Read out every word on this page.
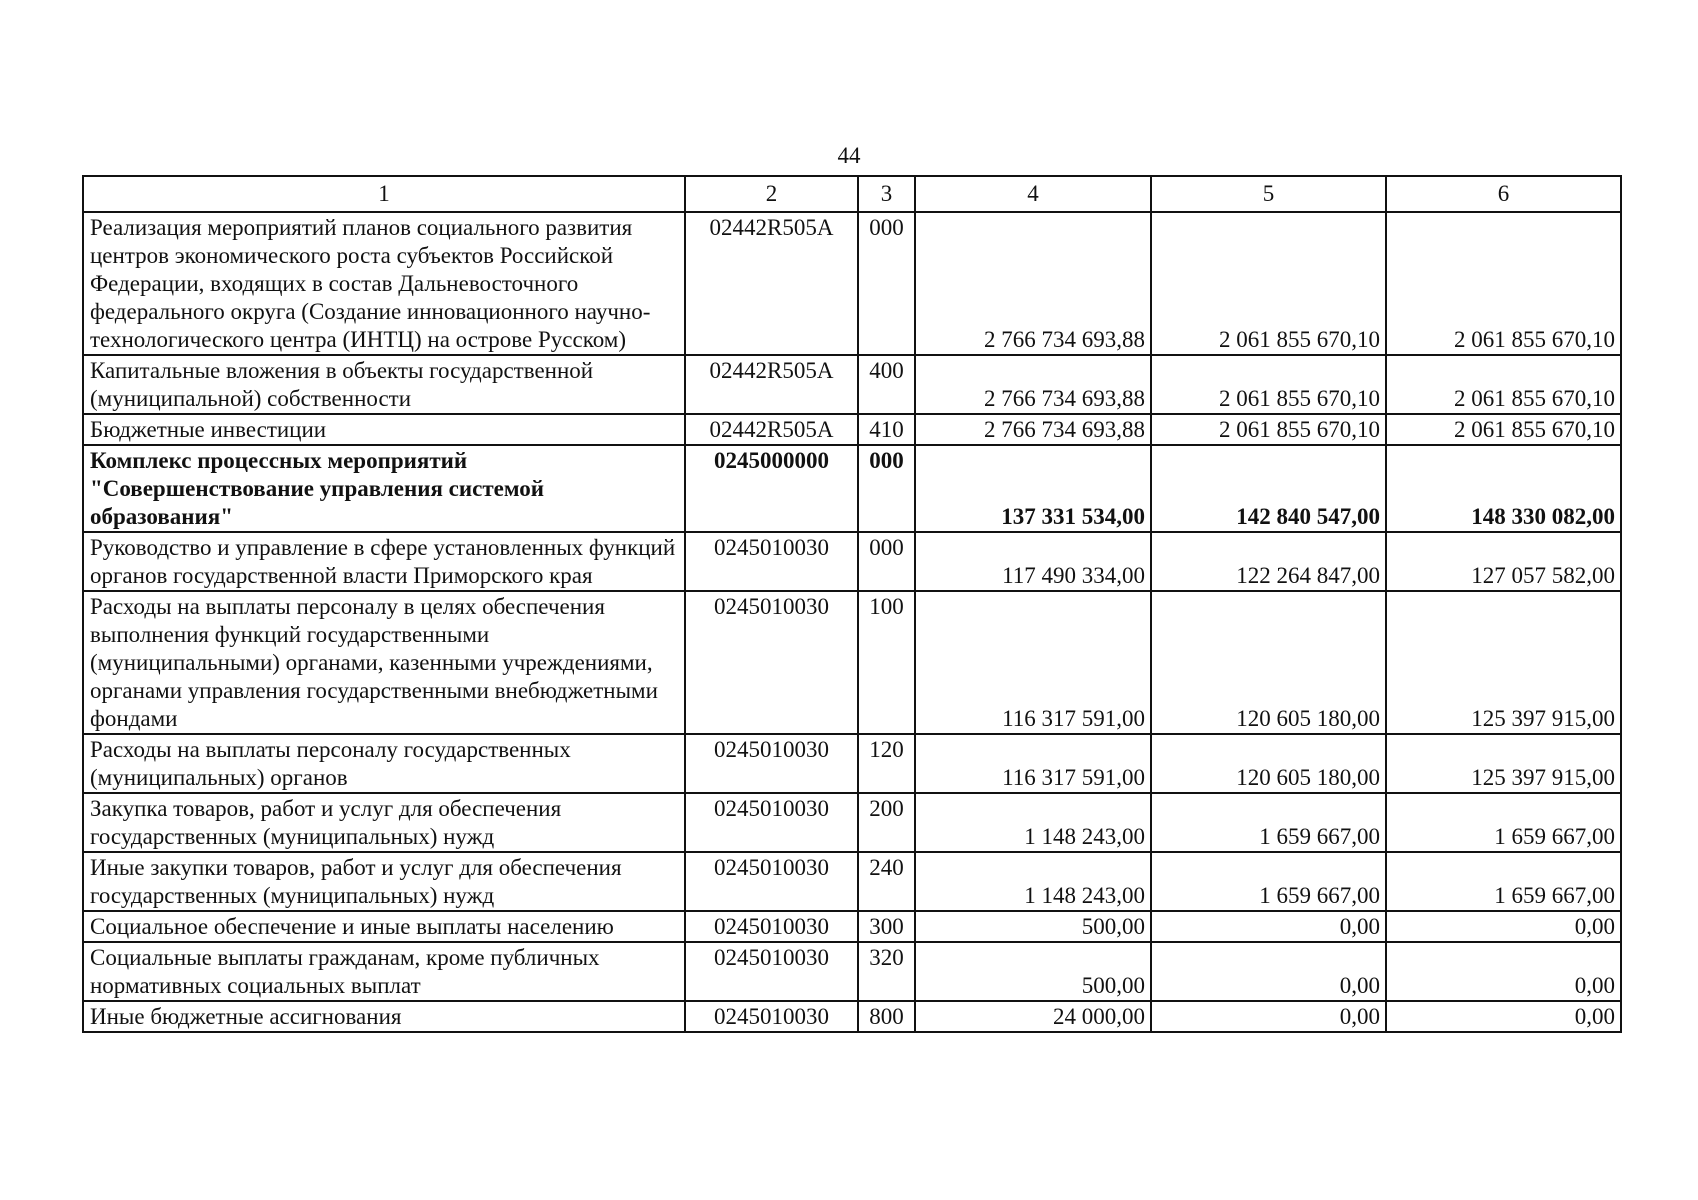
44
1	2	3	4	5	6
Реализация мероприятий планов социального развития центров экономического роста субъектов Российской Федерации, входящих в состав Дальневосточного федерального округа (Создание инновационного научно-технологического центра (ИНТЦ) на острове Русском)	02442R505A	000	2 766 734 693,88	2 061 855 670,10	2 061 855 670,10
Капитальные вложения в объекты государственной (муниципальной) собственности	02442R505A	400	2 766 734 693,88	2 061 855 670,10	2 061 855 670,10
Бюджетные инвестиции	02442R505A	410	2 766 734 693,88	2 061 855 670,10	2 061 855 670,10
Комплекс процессных мероприятий "Совершенствование управления системой образования"	0245000000	000	137 331 534,00	142 840 547,00	148 330 082,00
Руководство и управление в сфере установленных функций органов государственной власти Приморского края	0245010030	000	117 490 334,00	122 264 847,00	127 057 582,00
Расходы на выплаты персоналу в целях обеспечения выполнения функций государственными (муниципальными) органами, казенными учреждениями, органами управления государственными внебюджетными фондами	0245010030	100	116 317 591,00	120 605 180,00	125 397 915,00
Расходы на выплаты персоналу государственных (муниципальных) органов	0245010030	120	116 317 591,00	120 605 180,00	125 397 915,00
Закупка товаров, работ и услуг для обеспечения государственных (муниципальных) нужд	0245010030	200	1 148 243,00	1 659 667,00	1 659 667,00
Иные закупки товаров, работ и услуг для обеспечения государственных (муниципальных) нужд	0245010030	240	1 148 243,00	1 659 667,00	1 659 667,00
Социальное обеспечение и иные выплаты населению	0245010030	300	500,00	0,00	0,00
Социальные выплаты гражданам, кроме публичных нормативных социальных выплат	0245010030	320	500,00	0,00	0,00
Иные бюджетные ассигнования	0245010030	800	24 000,00	0,00	0,00
